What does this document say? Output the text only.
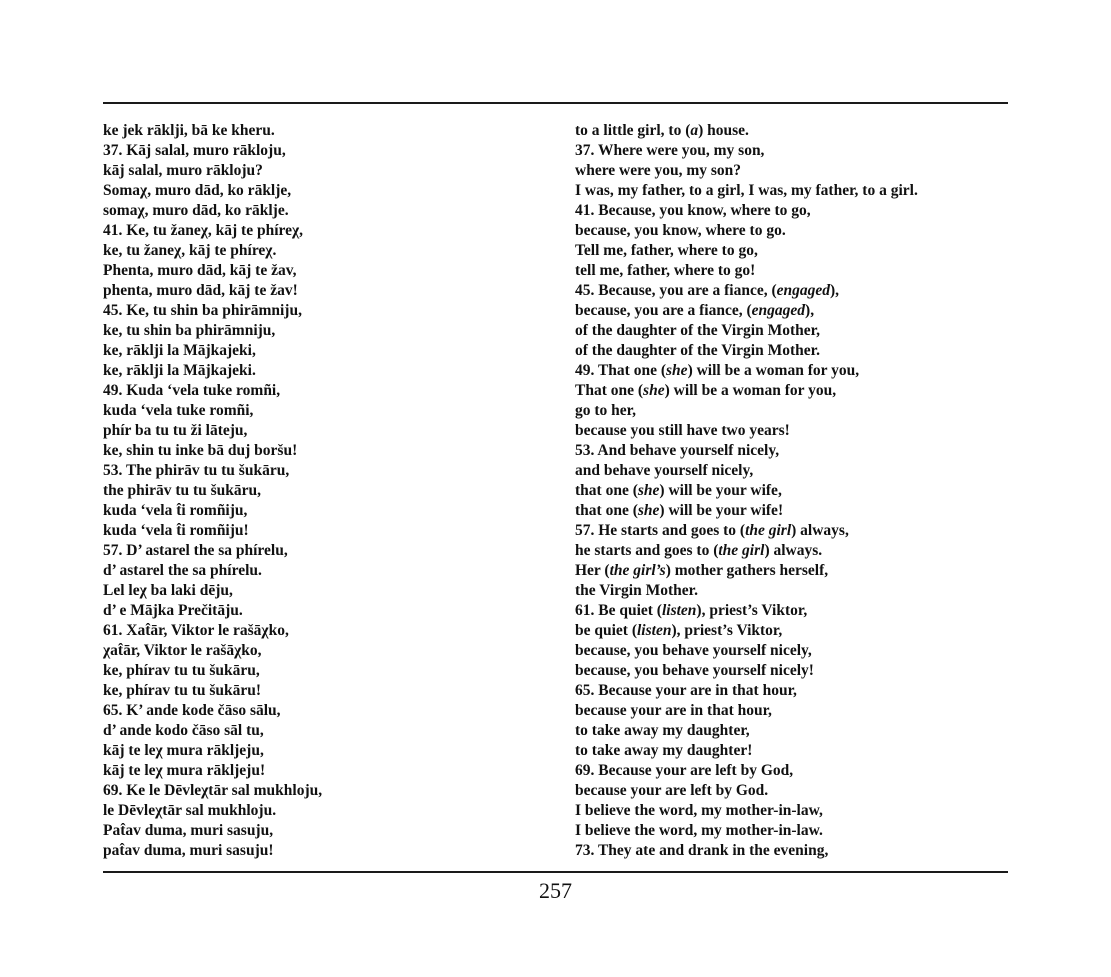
ke jek rāklji, bā ke kheru.
37. Kāj salal, muro rākloju,
kāj salal, muro rākloju?
Somaχ, muro dād, ko rāklje,
somaχ, muro dād, ko rāklje.
41. Ke, tu žaneχ, kāj te phíreχ,
ke, tu žaneχ, kāj te phíreχ.
Phenta, muro dād, kāj te žav,
phenta, muro dād, kāj te žav!
45. Ke, tu shin ba phirāmniju,
ke, tu shin ba phirāmniju,
ke, rāklji la Mājkajeki,
ke, rāklji la Mājkajeki.
49. Kuda ‘vela tuke romñi,
kuda ‘vela tuke romñi,
phír ba tu tu ži lāteju,
ke, shin tu inke bā duj boršu!
53. The phirāv tu tu šukāru,
the phirāv tu tu šukāru,
kuda ‘vela t̂i romñiju,
kuda ‘vela t̂i romñiju!
57. D’ astarel the sa phírelu,
d’ astarel the sa phírelu.
Lel leχ ba laki dēju,
d’ e Mājka Prečitāju.
61. Xat̂ār, Viktor le rašāχko,
χat̂ār, Viktor le rašāχko,
ke, phírav tu tu šukāru,
ke, phírav tu tu šukāru!
65. K’ ande kode čāso sālu,
d’ ande kodo čāso sāl tu,
kāj te leχ mura rākljeju,
kāj te leχ mura rākljeju!
69. Ke le Dēvleχtār sal mukhloju,
le Dēvleχtār sal mukhloju.
Pat̂av duma, muri sasuju,
pat̂av duma, muri sasuju!
to a little girl, to (a) house.
37. Where were you, my son,
where were you, my son?
I was, my father, to a girl, I was, my father, to a girl.
41. Because, you know, where to go,
because, you know, where to go.
Tell me, father, where to go,
tell me, father, where to go!
45. Because, you are a fiance, (engaged),
because, you are a fiance, (engaged),
of the daughter of the Virgin Mother,
of the daughter of the Virgin Mother.
49. That one (she) will be a woman for you,
That one (she) will be a woman for you,
go to her,
because you still have two years!
53. And behave yourself nicely,
and behave yourself nicely,
that one (she) will be your wife,
that one (she) will be your wife!
57. He starts and goes to (the girl) always,
he starts and goes to (the girl) always.
Her (the girl’s) mother gathers herself,
the Virgin Mother.
61. Be quiet (listen), priest’s Viktor,
be quiet (listen), priest’s Viktor,
because, you behave yourself nicely,
because, you behave yourself nicely!
65. Because your are in that hour,
because your are in that hour,
to take away my daughter,
to take away my daughter!
69. Because your are left by God,
because your are left by God.
I believe the word, my mother-in-law,
I believe the word, my mother-in-law.
73. They ate and drank in the evening,
257
